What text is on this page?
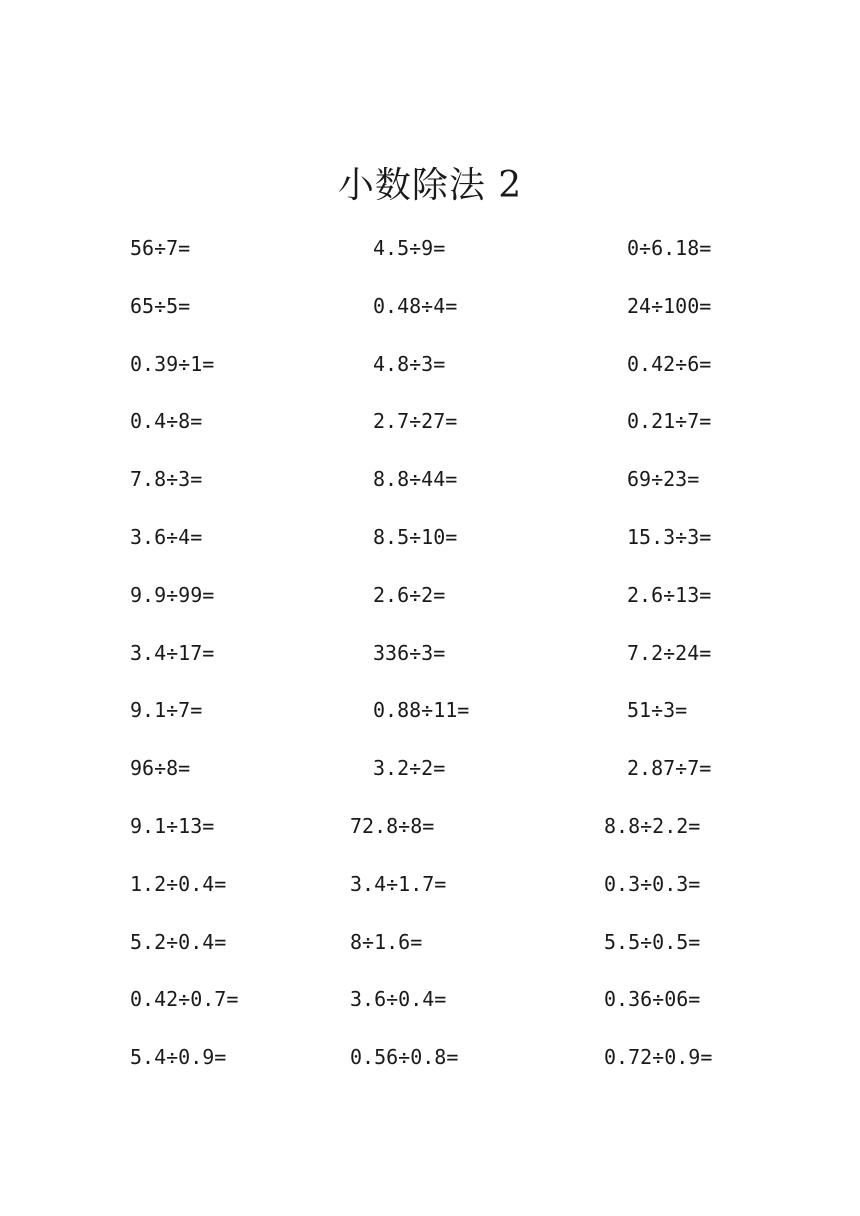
小数除法 2
56÷7=	4.5÷9=	0÷6.18=
65÷5=	0.48÷4=	24÷100=
0.39÷1=	4.8÷3=	0.42÷6=
0.4÷8=	2.7÷27=	0.21÷7=
7.8÷3=	8.8÷44=	69÷23=
3.6÷4=	8.5÷10=	15.3÷3=
9.9÷99=	2.6÷2=	2.6÷13=
3.4÷17=	336÷3=	7.2÷24=
9.1÷7=	0.88÷11=	51÷3=
96÷8=	3.2÷2=	2.87÷7=
9.1÷13=	72.8÷8=	8.8÷2.2=
1.2÷0.4=	3.4÷1.7=	0.3÷0.3=
5.2÷0.4=	8÷1.6=	5.5÷0.5=
0.42÷0.7=	3.6÷0.4=	0.36÷06=
5.4÷0.9=	0.56÷0.8=	0.72÷0.9=
